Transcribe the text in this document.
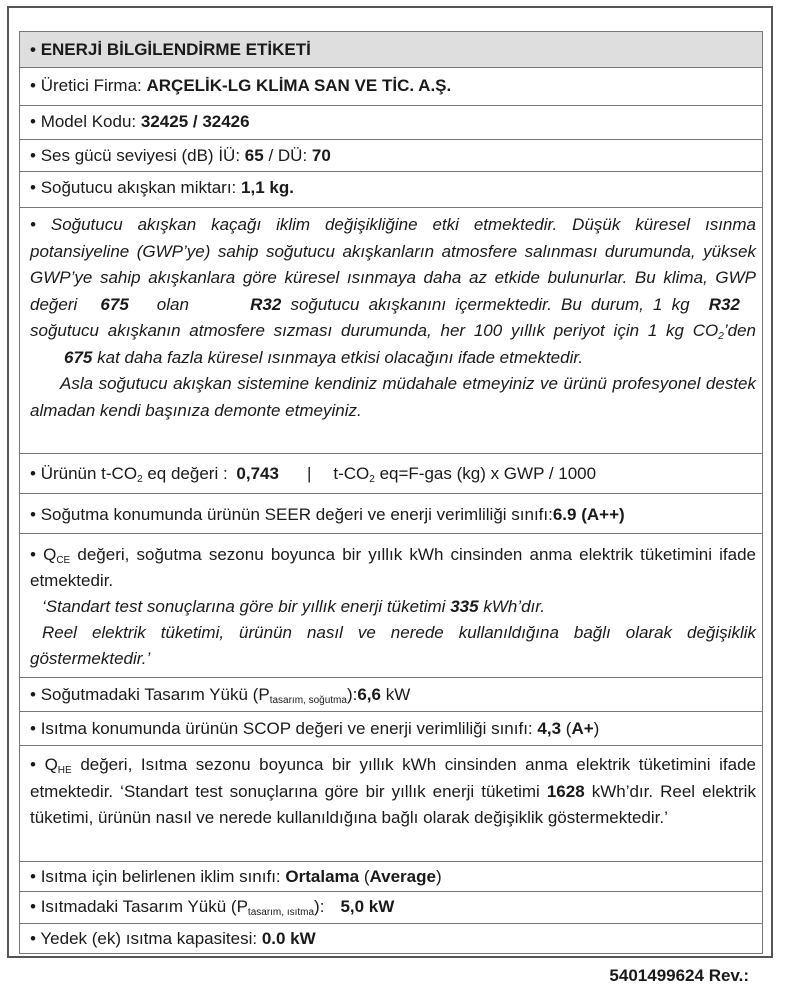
• ENERJİ BİLGİLENDİRME ETİKETİ
• Üretici Firma: ARÇELİK-LG KLİMA SAN VE TİC. A.Ş.
• Model Kodu: 32425 / 32426
• Ses gücü seviyesi (dB) İÜ: 65 / DÜ: 70
• Soğutucu akışkan miktarı: 1,1 kg.
• Soğutucu akışkan kaçağı iklim değişikliğine etki etmektedir. Düşük küresel ısınma potansiyeline (GWP’ye) sahip soğutucu akışkanların atmosfere salınması durumunda, yüksek GWP’ye sahip akışkanlara göre küresel ısınmaya daha az etkide bulunurlar. Bu klima, GWP değeri 675 olan	R32 soğutucu akışkanını içermektedir. Bu durum, 1 kg R32soğutucu akışkanın atmosfere sızması durumunda, her 100 yıllık periyot için 1 kg $CO_2’den$ 675 kat daha fazla küresel ısınmaya etkisi olacağını ifade etmektedir.
Asla soğutucu akışkan sistemine kendiniz müdahale etmeyiniz ve ürünü profesyonel destek almadan kendi başınıza demonte etmeyiniz.
• Ürünün $t-CO_2$ eq değeri : 0,743 | $t-CO_2$ eq=F-gas (kg) x GWP / 1000
• Soğutma konumunda ürünün SEER değeri ve enerji verimliliği sınıfı:6.9 (A++)
• $Q_{CE}$ değeri, soğutma sezonu boyunca bir yıllık kWh cinsinden anma elektrik tüketimini ifade etmektedir.
‘Standart test sonuçlarına göre bir yıllık enerji tüketimi 335 kWh’dır.
Reel elektrik tüketimi, ürünün nasıl ve nerede kullanıldığına bağlı olarak değişiklik göstermektedir.’
• Soğutmadaki Tasarım Yükü $(P_{tasarım, soğutma}):6,6$ kW
• Isıtma konumunda ürünün SCOP değeri ve enerji verimliliği sınıfı: 4,3 (A+)
• $Q_{HE}$ değeri, Isıtma sezonu boyunca bir yıllık kWh cinsinden anma elektrik tüketimini ifade etmektedir. ‘Standart test sonuçlarına göre bir yıllık enerji tüketimi 1628 kWh’dır. Reel elektrik tüketimi, ürünün nasıl ve nerede kullanıldığına bağlı olarak değişiklik göstermektedir.’
• Isıtma için belirlenen iklim sınıfı: Ortalama (Average)
• Isıtmadaki Tasarım Yükü $(P_{tasarım, ısıtma})$: 5,0 kW
• Yedek (ek) ısıtma kapasitesi: 0.0 kW
5401499624 Rev.:
